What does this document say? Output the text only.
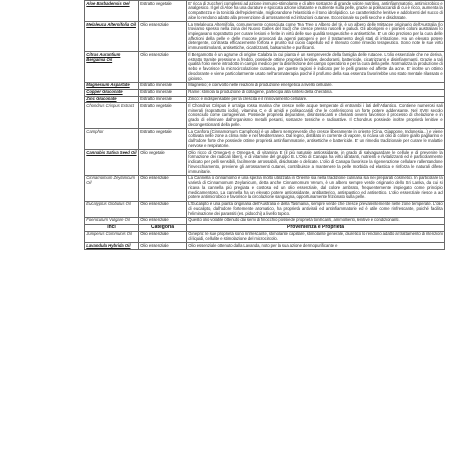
Aloe Barbadensis Gel	Estratto vegetale	E' ricca di zuccheri complessi ad azione immuno-stimolante e di altre sostanze di grande valore nutritivo, antinfiammatorio, antimicrobico e analgesico. Il gel di Aloe ha una durature e spiccata azione idratante e nutriente sulla pelle, grazie ai polisaccaridi di cui è ricco, aumenta la compattezza e la tonicità dell'epidermide, migliorandone l'elasticità e il tono idrolipidico. Le caratteristiche lenitive e addolcenti del succo di aloe lo rendono adatto alla prevenzione di arrossamenti ed irritazioni cutanee. Eccezionale su pelli secche e disidratate.
Melaleuca Alternifolia Oil	Olio essenziale	La Melaleuca Alternifolia, comunemente conosciuta come Tea Tree o Albero del tè, è un albero delle Mirtacee originario dell'Australia (lo troviamo spesso nella zona del Nuovo Galles del Sud) che cresce presso ruscelli e paludi. Gli aborigeni e i pionieri coloni australiani lo impiegavano soprattutto per curare lesioni e ferite in virtù delle sue qualità terapeutiche e antisettiche. E' un olio prezioso per la cura delle affezioni della pelle e delle mucose provocati da agenti patogeni e per il trattamento degli stati di irritazione. Ha un elevato potere detergente, contrasta efficacemente forfora e prurito sul cuoio capelluto ed è ritenuto come rimedio terapeutico. Sono note le sue virtù immunostimolanti, antisettiche, cicatrizzanti, balsamiche e purificanti.
Citrus Aurantium Bergamia Oil	Olio essenziale	Il Bergamotto è un agrume di origine Calabra la cui pianta è un sempreverde della famiglia delle rutacee. L'olio essenziale che ne deriva, estratto tramite pressione a freddo, possiede ottime proprietà lenitive, deodoranti, battericide, cicatrizzanti e disinfiammanti. Grazie a tali qualità l'olio viene introdotto in campo medico per la disinfezione del campo operatorio e per la cura della pelle. Normalizza la produzione di sebo e favorisce la microcircolazione cutanea, per queste ragioni è indicato per le pelli grasse ed affette da acne. E' inoltre un ottimo deodorante e viene particolarmente usato nell'aromaterapia poiché il profumo della sua essenza favorirebbe uno stato mentale rilassato e gioioso.
Magnesium Aspartate	Estratto minerale	Magnesio; è coinvolto nelle reazioni di produzione energetica a livello cellulare.
Copper Gluconate	Estratto minerale	Rame: stimola la produzione di collagene, partecipa alla sintesi della cheratina.
Zinc Gluconate	Estratto minerale	Zinco: è indispensabile per la crescita e il rinnovamento cellulare.
Chondrus Crispus Extract	Estratto vegetale	Il Chondrus Crispus è un'alga rossa marina che cresce nelle acque temperate di entrambi i lati dell'Atlantico. Contiene numerosi sali minerali (soprattutto iodio), vitamina C e di amidi e polisaccaridi che le conferiscono un forte potere addensante. Nel XVIII secolo conosciuto come carrageenan. Possiede proprietà depurative, disintossicanti e chelanti ovvero favorisce il processo di chelazione e in grado di eliminare dall'organismo metalli pesanti, sostanze tossiche e radioattive. Il Chondrus possiede inoltre proprietà lenitive e decongestionanti della pelle.
Camphor	Estratto vegetale	La Canfora (Cinnamomum Camphora) è un albero sempreverde che cresce liberamente in oriente (Cina, Giappone, Indonesia...) e viene coltivata nelle zone a clima mite e nel Mediterraneo. Dal legno, distillato in corrente di vapore, si ricava un olio di colore giallo pagliarino e dall'odore forte che possiede ottime proprietà antinfiammatorie, antisettiche e battericide. E' un rimedio tradizionale per curare le malattie nervose e respiratorie.
Cannabis Sativa Seed Oil	Olio vegetale	Olio ricco di Omega-6 e Omega-6, di vitamina E (il più naturale antiossidante, in grado di salvaguardare le cellule e di prevenire la formazione dei radicali liberi), e di vitamine del gruppo B. L'Olio di Canapa ha virtù idratanti, nutrienti e rivitalizzanti ed è particolarmente indicato per pelli sensibili, facilmente arrossabili, disidratate o delicate. L'olio di Canapa favorisce la rigenerazione cellulare rallentandone l'invecchiamento, previene gli arrossamenti cutanei, contribuisce a mantenere la pelle morbida ed elastica e rinforza le naturali difese immunitarie.
Cinnamomum Zeylanicum Oil	Olio essenziale	La Cannella o cinnamomo è una spezia molto utilizzata in Oriente sia nella tradizione culinaria sia nei preparati cosmetici. In particolare la varietà di Cinnamomum Zeylanicum, detta anche Cinnamomum Verum, è un albero sempre verde originario dello Sri Lanka, da cui si ricava la cannella più pregiata e costosa ed un olio essenziale, dal colore ambrato, frequentemente impiegato come principio medicamentoso. La cannella ha un elevato potere antiossidante, antibatterico, antispastico ed antisettico. L'olio essenziale riesce a ad potere antimicrobico e favorisce la circolazione sanguigna, opportunamente frizionato sulla pelle.
Eucalyptus Globulus Oil	Olio essenziale	L'Eucalipto è una pianta originaria dell'Australia e della Tasmania, sempre verde che cresce prevalentemente nelle zone temperate. L'olio di eucalipto, dall'odore fortemente aromatico, ha proprietà antivirali ed antinfiammatorie ed è utile come rinfrescante, poiché facilita l'eliminazione dei parassiti (es. pidocchi) a livello topico.
Foeniculum Vulgare Oil	Olio essenziale	Questo olio volatile ottenuto dai semi di finocchio possiede proprietà tonificanti, ammollienti, lenitive e condizionanti.
Inci	Categoria	Provenienza e Proprietà
Juniperus Communis Oil	Olio essenziale	Ginepro: le sue proprietà sono rinfrescante, stimolante capillare, stimolante generale, diuretico lo rendono adatto al trattamento di ritenzioni di liquidi, cellulite e stimolazione del microcircolo.
Lavandula Hybrida Oil	Olio essenziale	Olio essenziale ottenuto dalla Lavanda, noto per la sua azione dermopurificante e
